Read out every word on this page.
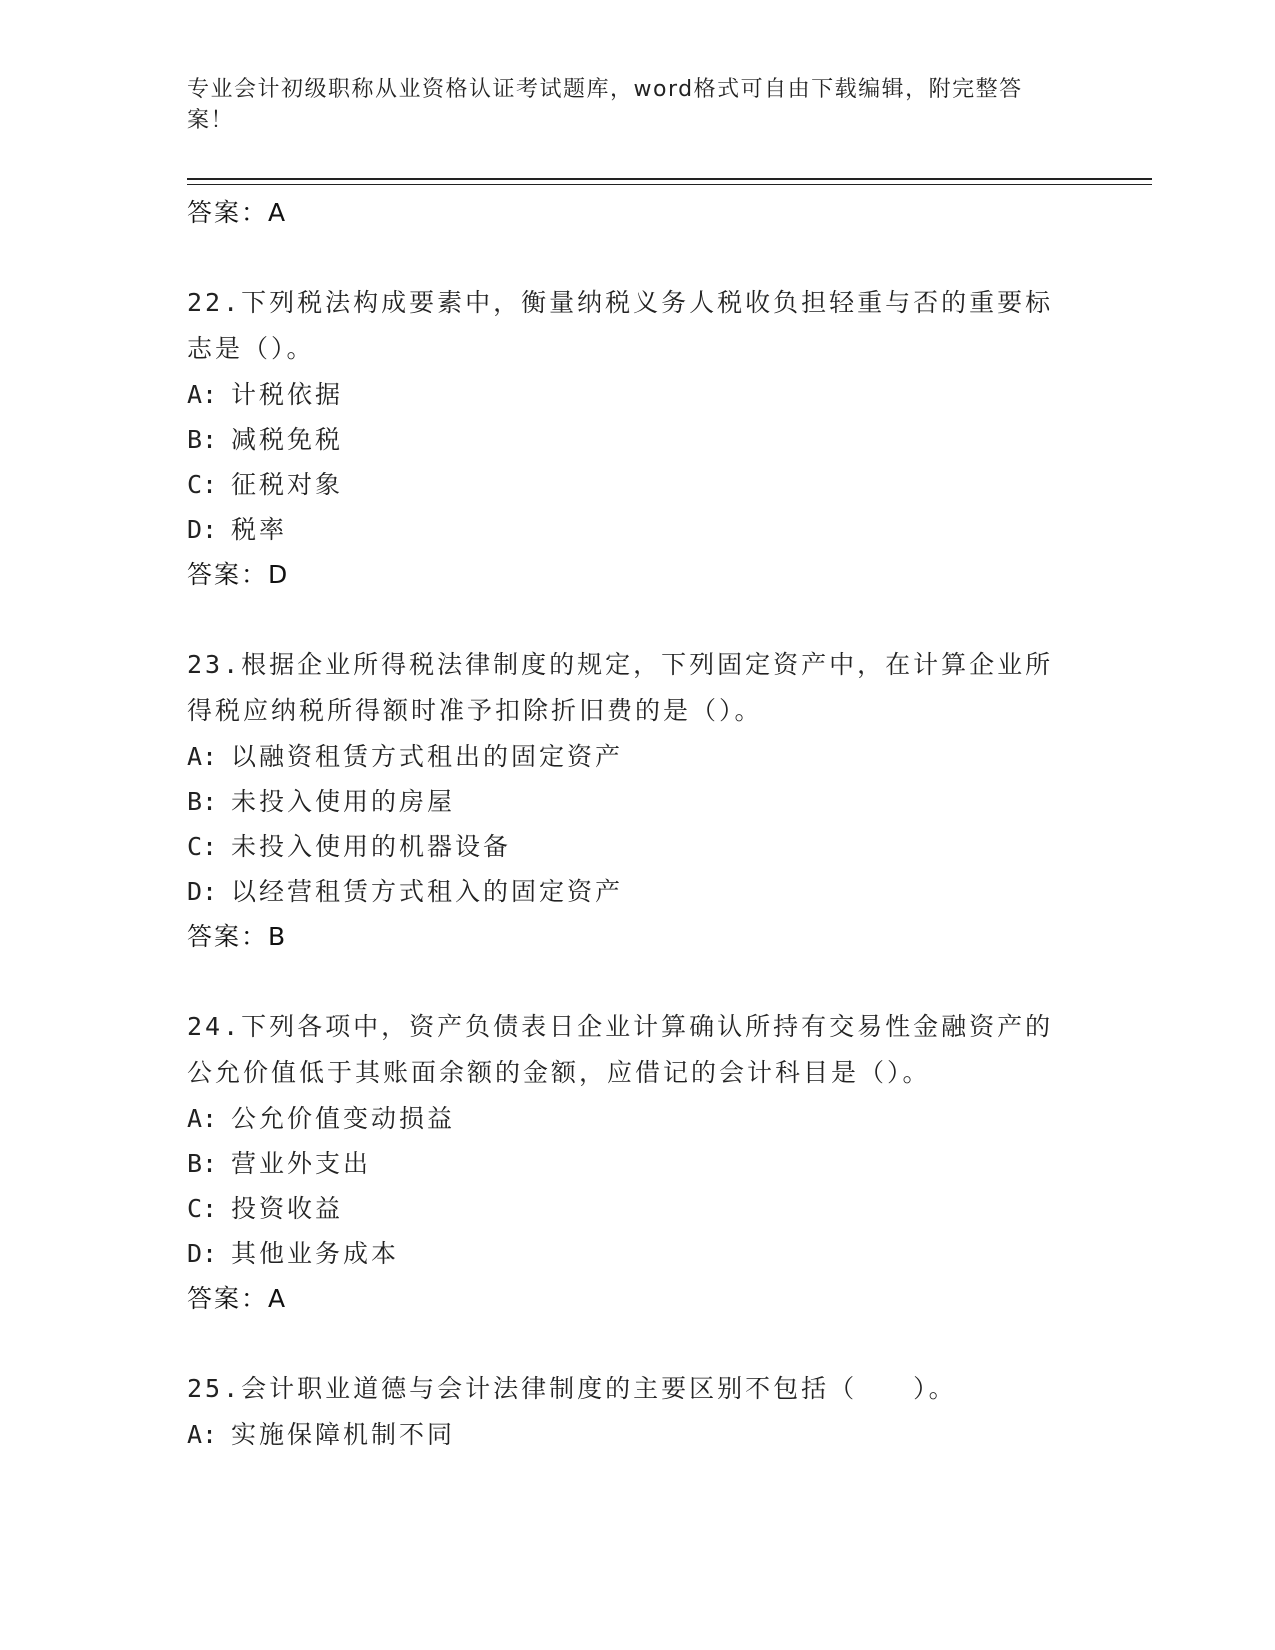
专业会计初级职称从业资格认证考试题库，word格式可自由下载编辑，附完整答案！
答案：A

22.下列税法构成要素中，衡量纳税义务人税收负担轻重与否的重要标志是（）。

A: 计税依据
B: 减税免税
C: 征税对象
D: 税率
答案：D

23.根据企业所得税法律制度的规定，下列固定资产中，在计算企业所得税应纳税所得额时准予扣除折旧费的是（）。

A: 以融资租赁方式租出的固定资产
B: 未投入使用的房屋
C: 未投入使用的机器设备
D: 以经营租赁方式租入的固定资产
答案：B

24.下列各项中，资产负债表日企业计算确认所持有交易性金融资产的公允价值低于其账面余额的金额，应借记的会计科目是（）。

A: 公允价值变动损益
B: 营业外支出
C: 投资收益
D: 其他业务成本
答案：A

25.会计职业道德与会计法律制度的主要区别不包括（　　）。

A: 实施保障机制不同
